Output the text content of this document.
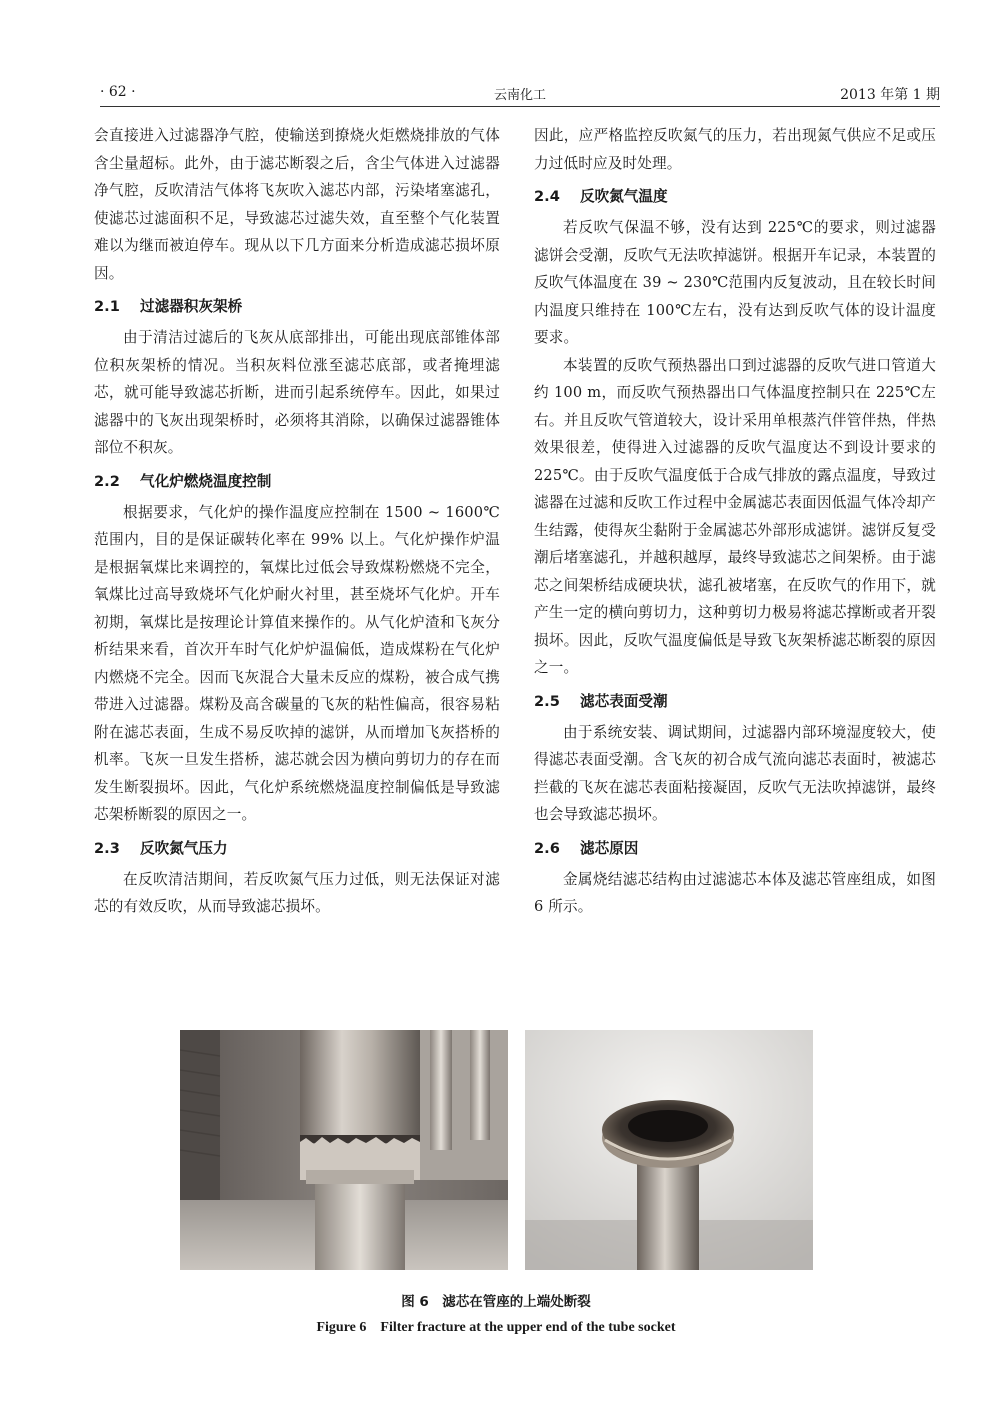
· 62 ·	云南化工	2013 年第 1 期

会直接进入过滤器净气腔，使输送到撩烧火炬燃烧排放的气体含尘量超标。此外，由于滤芯断裂之后，含尘气体进入过滤器净气腔，反吹清洁气体将飞灰吹入滤芯内部，污染堵塞滤孔，使滤芯过滤面积不足，导致滤芯过滤失效，直至整个气化装置难以为继而被迫停车。现从以下几方面来分析造成滤芯损坏原因。

2.1 过滤器积灰架桥

由于清洁过滤后的飞灰从底部排出，可能出现底部锥体部位积灰架桥的情况。当积灰料位涨至滤芯底部，或者掩埋滤芯，就可能导致滤芯折断，进而引起系统停车。因此，如果过滤器中的飞灰出现架桥时，必须将其消除，以确保过滤器锥体部位不积灰。

2.2 气化炉燃烧温度控制

根据要求，气化炉的操作温度应控制在 1500 ~ 1600℃范围内，目的是保证碳转化率在 99% 以上。气化炉操作炉温是根据氧煤比来调控的，氧煤比过低会导致煤粉燃烧不完全，氧煤比过高导致烧坏气化炉耐火衬里，甚至烧坏气化炉。开车初期，氧煤比是按理论计算值来操作的。从气化炉渣和飞灰分析结果来看，首次开车时气化炉炉温偏低，造成煤粉在气化炉内燃烧不完全。因而飞灰混合大量未反应的煤粉，被合成气携带进入过滤器。煤粉及高含碳量的飞灰的粘性偏高，很容易粘附在滤芯表面，生成不易反吹掉的滤饼，从而增加飞灰搭桥的机率。飞灰一旦发生搭桥，滤芯就会因为横向剪切力的存在而发生断裂损坏。因此，气化炉系统燃烧温度控制偏低是导致滤芯架桥断裂的原因之一。

2.3 反吹氮气压力

在反吹清洁期间，若反吹氮气压力过低，则无法保证对滤芯的有效反吹，从而导致滤芯损坏。

因此，应严格监控反吹氮气的压力，若出现氮气供应不足或压力过低时应及时处理。

2.4 反吹氮气温度

若反吹气保温不够，没有达到 225℃的要求，则过滤器滤饼会受潮，反吹气无法吹掉滤饼。根据开车记录，本装置的反吹气体温度在 39 ~ 230℃范围内反复波动，且在较长时间内温度只维持在 100℃左右，没有达到反吹气体的设计温度要求。

本装置的反吹气预热器出口到过滤器的反吹气进口管道大约 100 m，而反吹气预热器出口气体温度控制只在 225℃左右。并且反吹气管道较大，设计采用单根蒸汽伴管伴热，伴热效果很差，使得进入过滤器的反吹气温度达不到设计要求的 225℃。由于反吹气温度低于合成气排放的露点温度，导致过滤器在过滤和反吹工作过程中金属滤芯表面因低温气体冷却产生结露，使得灰尘黏附于金属滤芯外部形成滤饼。滤饼反复受潮后堵塞滤孔，并越积越厚，最终导致滤芯之间架桥。由于滤芯之间架桥结成硬块状，滤孔被堵塞，在反吹气的作用下，就产生一定的横向剪切力，这种剪切力极易将滤芯撑断或者开裂损坏。因此，反吹气温度偏低是导致飞灰架桥滤芯断裂的原因之一。

2.5 滤芯表面受潮

由于系统安装、调试期间，过滤器内部环境湿度较大，使得滤芯表面受潮。含飞灰的初合成气流向滤芯表面时，被滤芯拦截的飞灰在滤芯表面粘接凝固，反吹气无法吹掉滤饼，最终也会导致滤芯损坏。

2.6 滤芯原因

金属烧结滤芯结构由过滤滤芯本体及滤芯管座组成，如图 6 所示。

图 6　滤芯在管座的上端处断裂
Figure 6　Filter fracture at the upper end of the tube socket
